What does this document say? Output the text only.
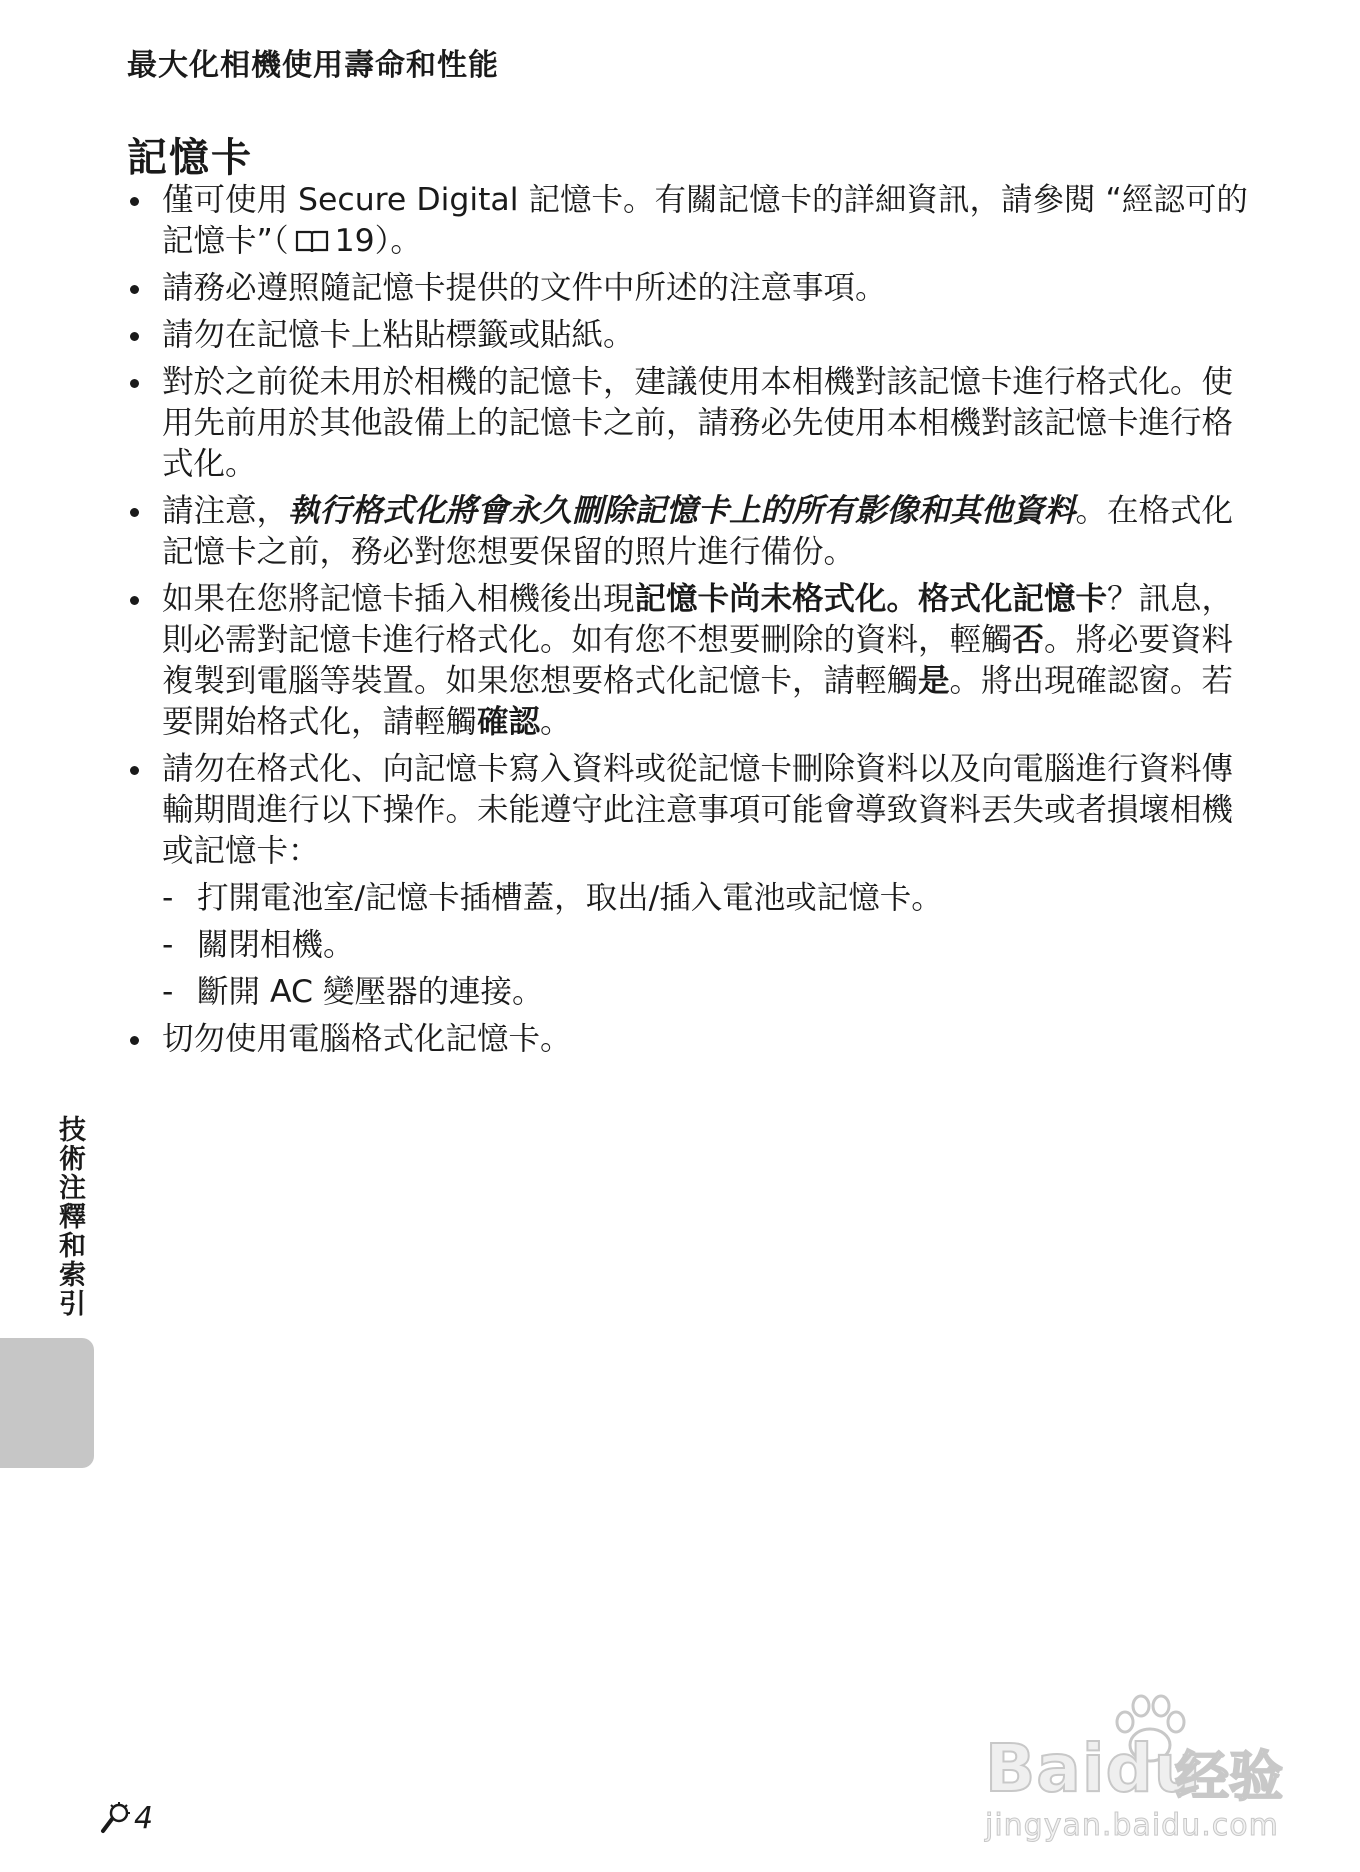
最大化相機使用壽命和性能
記憶卡
僅可使用 Secure Digital 記憶卡。有關記憶卡的詳細資訊，請參閱 “經認可的記憶卡”（ 19）。
請務必遵照隨記憶卡提供的文件中所述的注意事項。
請勿在記憶卡上粘貼標籤或貼紙。
對於之前從未用於相機的記憶卡，建議使用本相機對該記憶卡進行格式化。使用先前用於其他設備上的記憶卡之前，請務必先使用本相機對該記憶卡進行格式化。
請注意，執行格式化將會永久刪除記憶卡上的所有影像和其他資料。在格式化記憶卡之前，務必對您想要保留的照片進行備份。
如果在您將記憶卡插入相機後出現記憶卡尚未格式化。格式化記憶卡？訊息，則必需對記憶卡進行格式化。如有您不想要刪除的資料，輕觸否。將必要資料複製到電腦等裝置。如果您想要格式化記憶卡，請輕觸是。將出現確認窗。若要開始格式化，請輕觸確認。
請勿在格式化、向記憶卡寫入資料或從記憶卡刪除資料以及向電腦進行資料傳輸期間進行以下操作。未能遵守此注意事項可能會導致資料丟失或者損壞相機或記憶卡：
- 打開電池室/記憶卡插槽蓋，取出/插入電池或記憶卡。
- 關閉相機。
- 斷開 AC 變壓器的連接。
切勿使用電腦格式化記憶卡。
技術注釋和索引
4
Baidu
经验
jingyan.baidu.com
